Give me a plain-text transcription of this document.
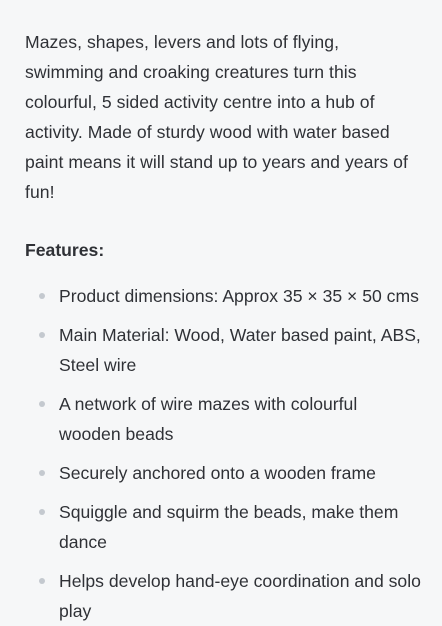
Mazes, shapes, levers and lots of flying, swimming and croaking creatures turn this colourful, 5 sided activity centre into a hub of activity. Made of sturdy wood with water based paint means it will stand up to years and years of fun!

Features:
Product dimensions: Approx 35 × 35 × 50 cms
Main Material: Wood, Water based paint, ABS, Steel wire
A network of wire mazes with colourful wooden beads
Securely anchored onto a wooden frame
Squiggle and squirm the beads, make them dance
Helps develop hand-eye coordination and solo play
